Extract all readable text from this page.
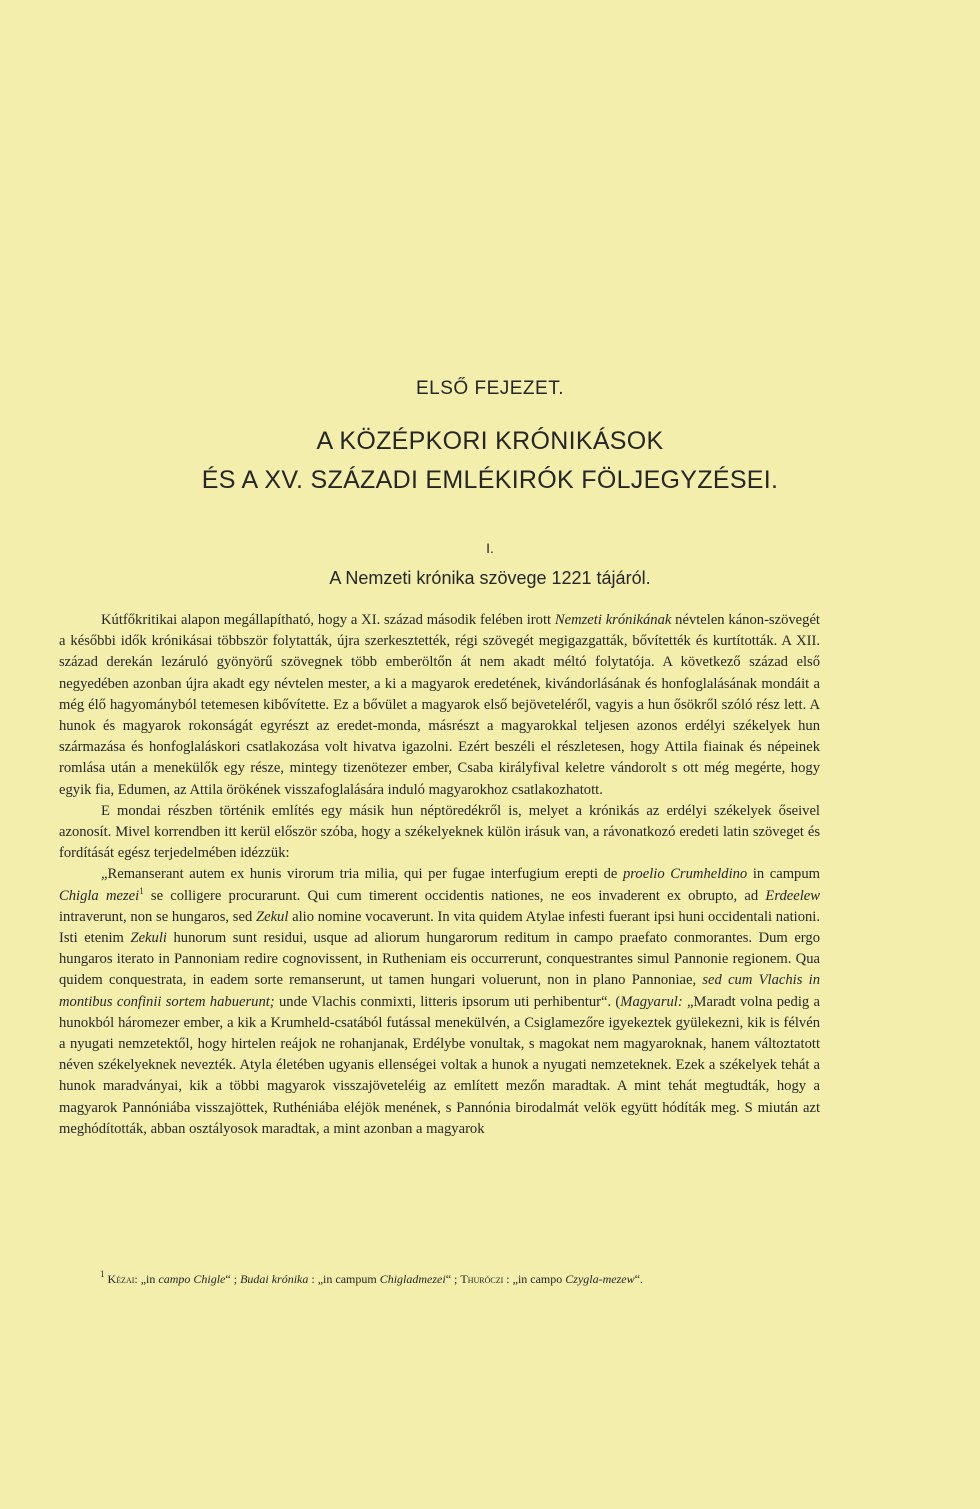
ELSŐ FEJEZET.
A KÖZÉPKORI KRÓNIKÁSOK
ÉS A XV. SZÁZADI EMLÉKIRÓK FÖLJEGYZÉSEI.
I.
A Nemzeti krónika szövege 1221 tájáról.

Kútfőkritikai alapon megállapítható, hogy a XI. század második felében irott Nemzeti krónikának névtelen kánon-szövegét a későbbi idők krónikásai többször folytatták, újra szerkesztették, régi szövegét megigazgatták, bővítették és kurtították. A XII. század derekán lezáruló gyönyörű szövegnek több emberöltőn át nem akadt méltó folytatója. A következő század első negyedében azonban újra akadt egy névtelen mester, a ki a magyarok eredetének, kivándorlásának és honfoglalásának mondáit a még élő hagyományból tetemesen kibővítette. Ez a bővület a magyarok első bejöveteléről, vagyis a hun ősökről szóló rész lett. A hunok és magyarok rokonságát egyrészt az eredet-monda, másrészt a magyarokkal teljesen azonos erdélyi székelyek hun származása és honfoglaláskori csatlakozása volt hivatva igazolni. Ezért beszéli el részletesen, hogy Attila fiainak és népeinek romlása után a menekülők egy része, mintegy tizenötezer ember, Csaba királyfival keletre vándorolt s ott még megérte, hogy egyik fia, Edumen, az Attila örökének visszafoglalására induló magyarokhoz csatlakozhatott.

E mondai részben történik említés egy másik hun néptöredékről is, melyet a krónikás az erdélyi székelyek őseivel azonosít. Mivel korrendben itt kerül először szóba, hogy a székelyeknek külön irásuk van, a rávonatkozó eredeti latin szöveget és fordítását egész terjedelmében idézzük:

„Remanserant autem ex hunis virorum tria milia, qui per fugae interfugium erepti de proelio Crumheldino in campum Chigla mezei$^1$ se colligere procurarunt. Qui cum timerent occidentis nationes, ne eos invaderent ex obrupto, ad Erdeelew intraverunt, non se hungaros, sed Zekul alio nomine vocaverunt. In vita quidem Atylae infesti fuerant ipsi huni occidentali nationi. Isti etenim Zekuli hunorum sunt residui, usque ad aliorum hungarorum reditum in campo praefato conmorantes. Dum ergo hungaros iterato in Pannoniam redire cognovissent, in Rutheniam eis occurrerunt, conquestrantes simul Pannonie regionem. Qua quidem conquestrata, in eadem sorte remanserunt, ut tamen hungari voluerunt, non in plano Pannoniae, sed cum Vlachis in montibus confinii sortem habuerunt; unde Vlachis conmixti, litteris ipsorum uti perhibentur“. (Magyarul: „Maradt volna pedig a hunokból háromezer ember, a kik a Krumheld-csatából futással menekülvén, a Csiglamezőre igyekeztek gyülekezni, kik is félvén a nyugati nemzetektől, hogy hirtelen reájok ne rohanjanak, Erdélybe vonultak, s magokat nem magyaroknak, hanem változtatott néven székelyeknek nevezték. Atyla életében ugyanis ellenségei voltak a hunok a nyugati nemzeteknek. Ezek a székelyek tehát a hunok maradványai, kik a többi magyarok visszajöveteléig az említett mezőn maradtak. A mint tehát megtudták, hogy a magyarok Pannóniába visszajöttek, Ruthéniába eléjök menének, s Pannónia birodalmát velök együtt hódíták meg. S miután azt meghódították, abban osztályosok maradtak, a mint azonban a magyarok

$^1$ Kézai: „in campo Chigle“ ; Budai krónika : „in campum Chigladmezei“ ; Thuróczi : „in campo Czygla-mezew“.
